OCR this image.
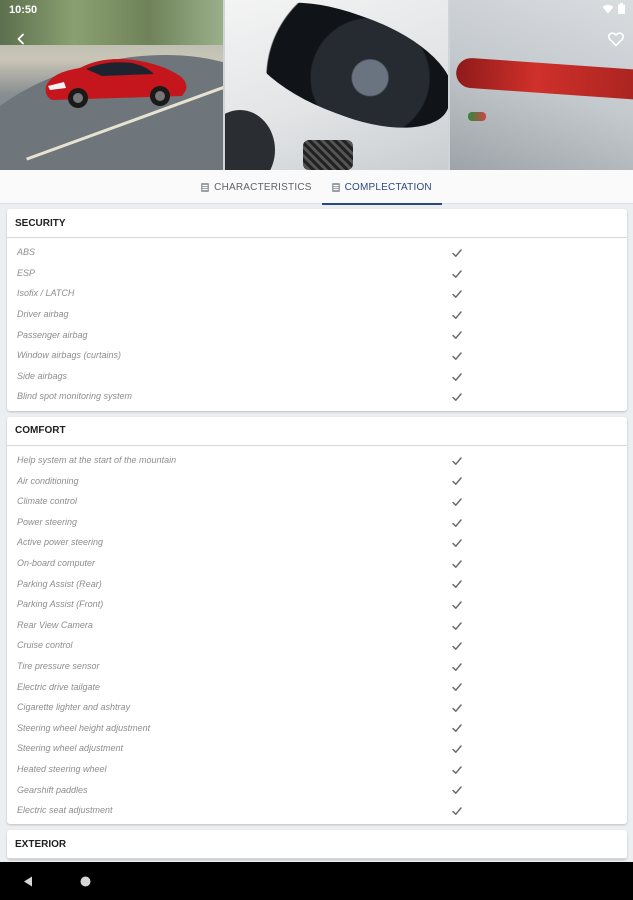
10:50
CHARACTERISTICS	COMPLECTATION
SECURITY
ABS
ESP
Isofix / LATCH
Driver airbag
Passenger airbag
Window airbags (curtains)
Side airbags
Blind spot monitoring system
COMFORT
Help system at the start of the mountain
Air conditioning
Climate control
Power steering
Active power steering
On-board computer
Parking Assist (Rear)
Parking Assist (Front)
Rear View Camera
Cruise control
Tire pressure sensor
Electric drive tailgate
Cigarette lighter and ashtray
Steering wheel height adjustment
Steering wheel adjustment
Heated steering wheel
Gearshift paddles
Electric seat adjustment
EXTERIOR
